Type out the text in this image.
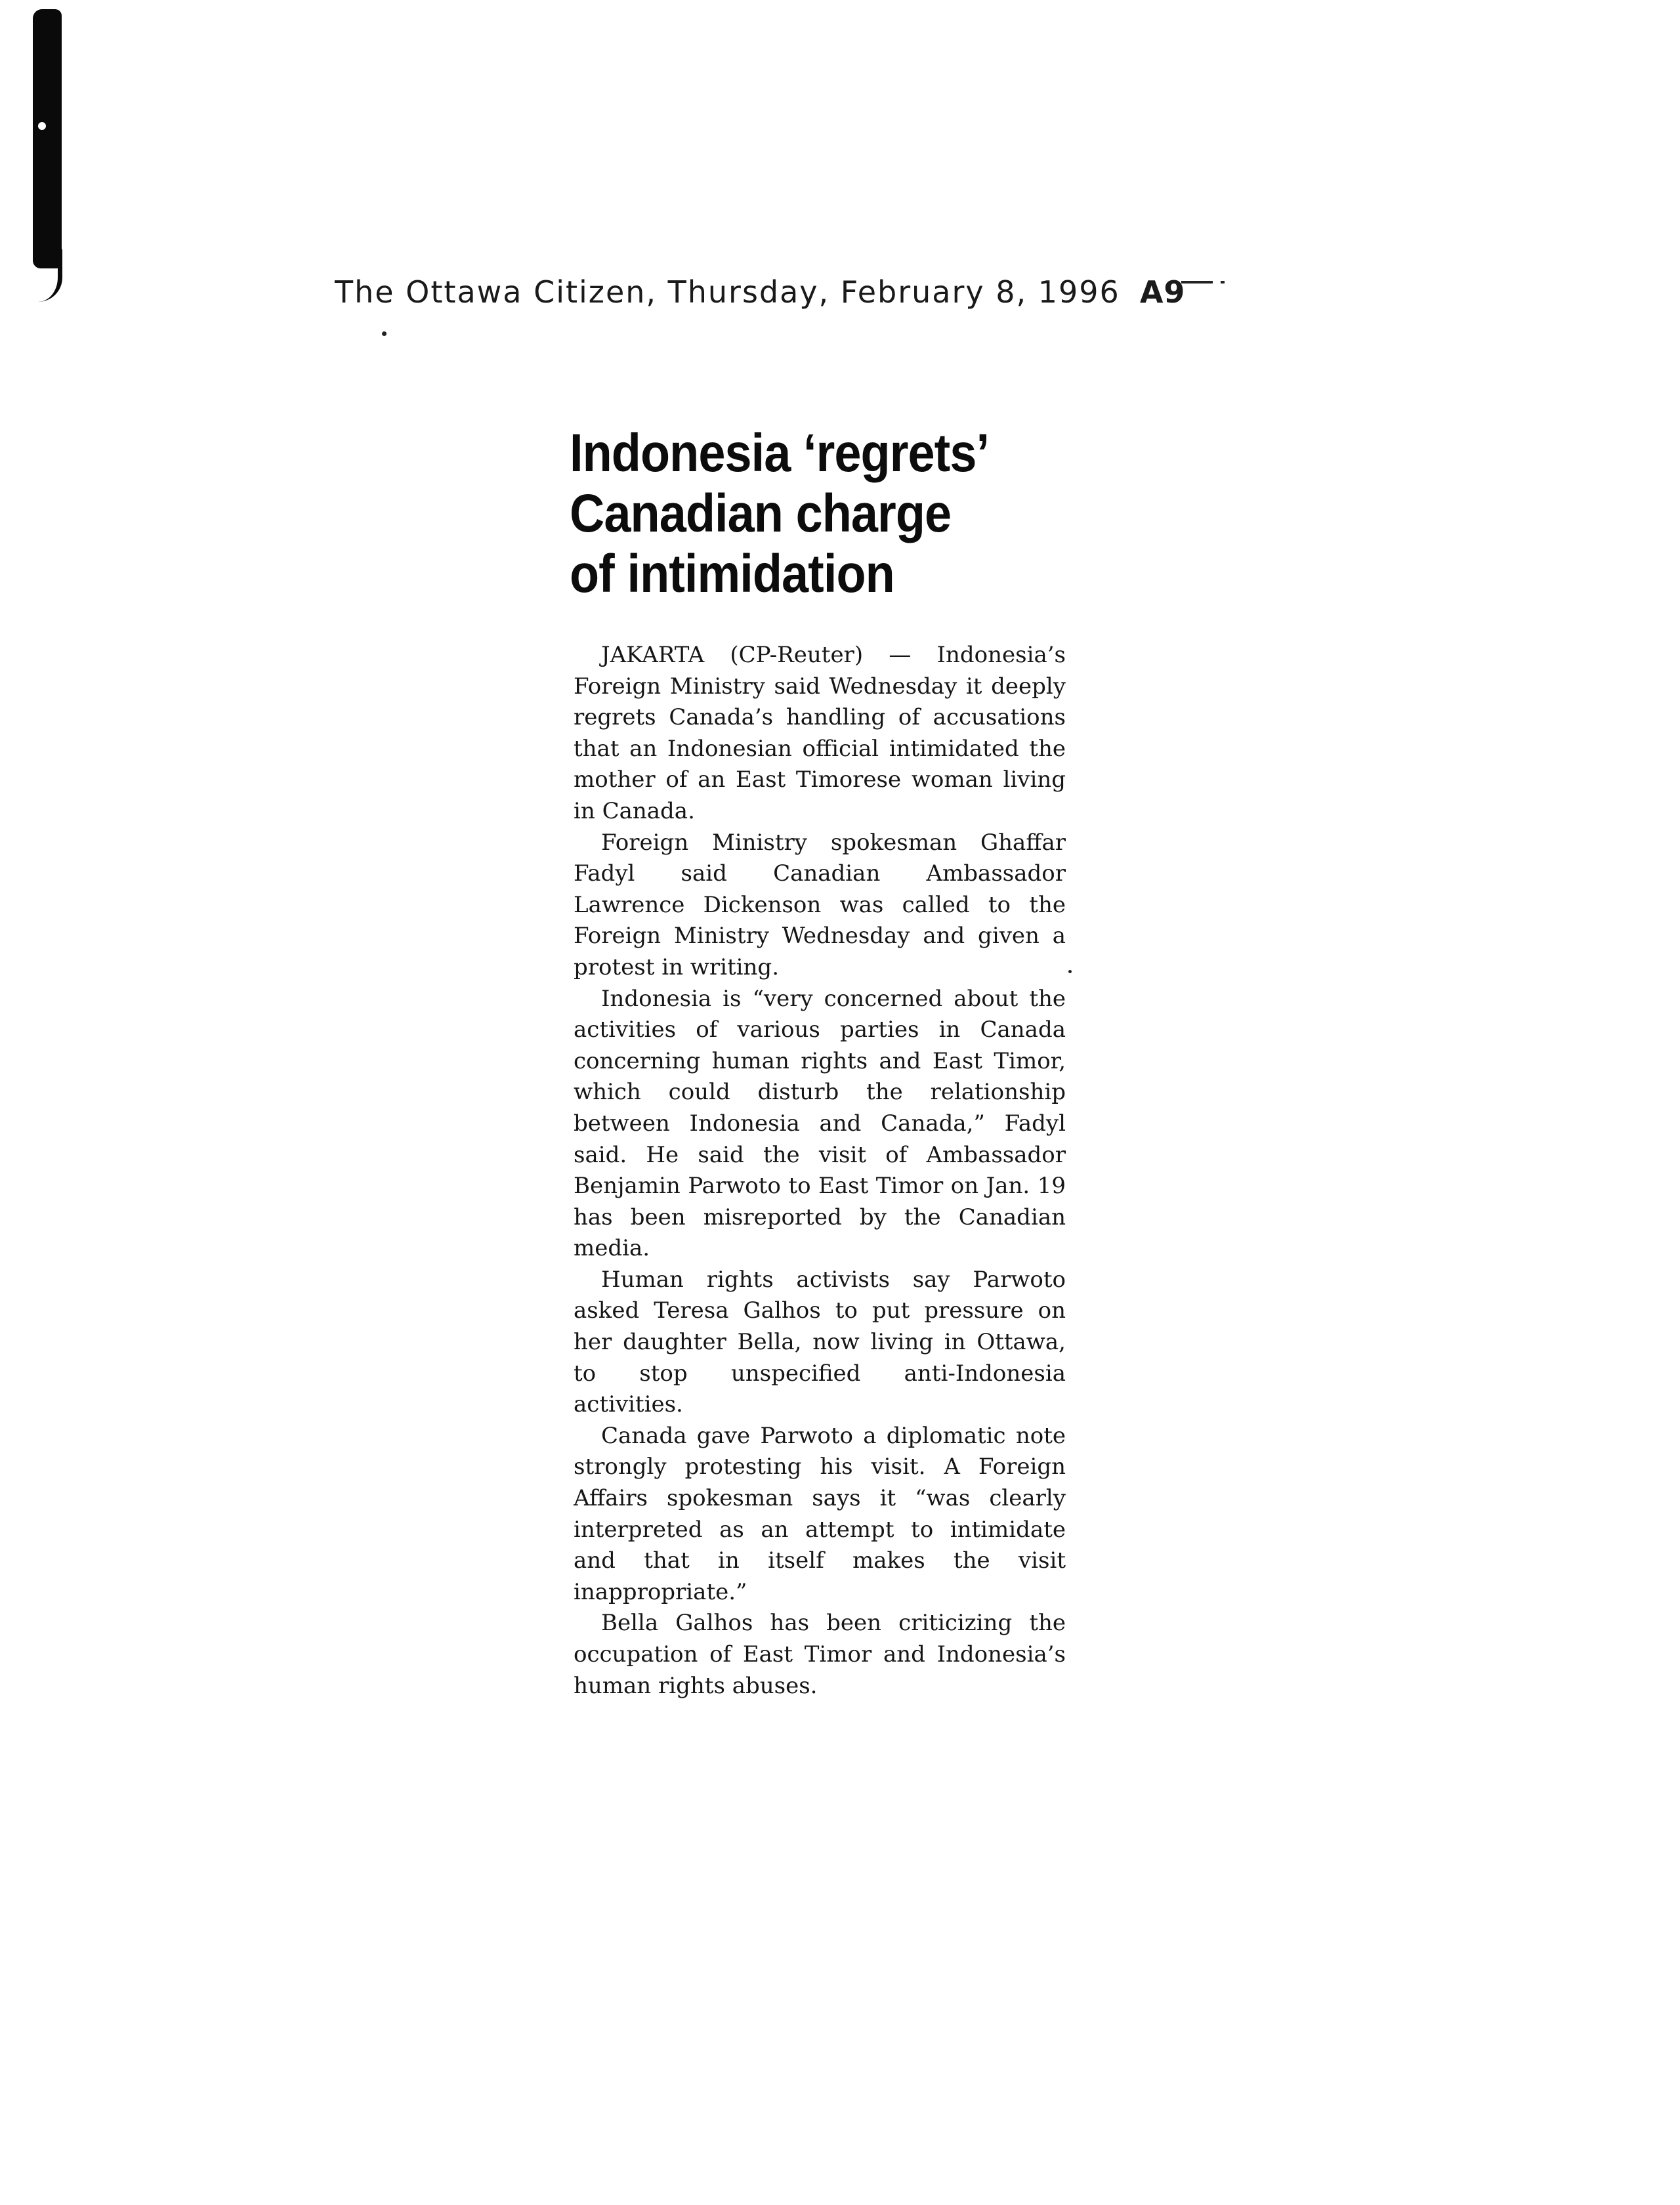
The Ottawa Citizen, Thursday, February 8, 1996 A9
Indonesia ‘regrets’
Canadian charge
of intimidation

JAKARTA (CP-Reuter) — Indonesia’s Foreign Ministry said Wednesday it deeply regrets Canada’s handling of accusations that an Indonesian official intimidated the mother of an East Timorese woman living in Canada.

Foreign Ministry spokesman Ghaffar Fadyl said Canadian Ambassador Lawrence Dickenson was called to the Foreign Ministry Wednesday and given a protest in writing.

Indonesia is “very concerned about the activities of various parties in Canada concerning human rights and East Timor, which could disturb the relationship between Indonesia and Canada,” Fadyl said. He said the visit of Ambassador Benjamin Parwoto to East Timor on Jan. 19 has been misreported by the Canadian media.

Human rights activists say Parwoto asked Teresa Galhos to put pressure on her daughter Bella, now living in Ottawa, to stop unspecified anti-Indonesia activities.

Canada gave Parwoto a diplomatic note strongly protesting his visit. A Foreign Affairs spokesman says it “was clearly interpreted as an attempt to intimidate and that in itself makes the visit inappropriate.”

Bella Galhos has been criticizing the occupation of East Timor and Indonesia’s human rights abuses.
